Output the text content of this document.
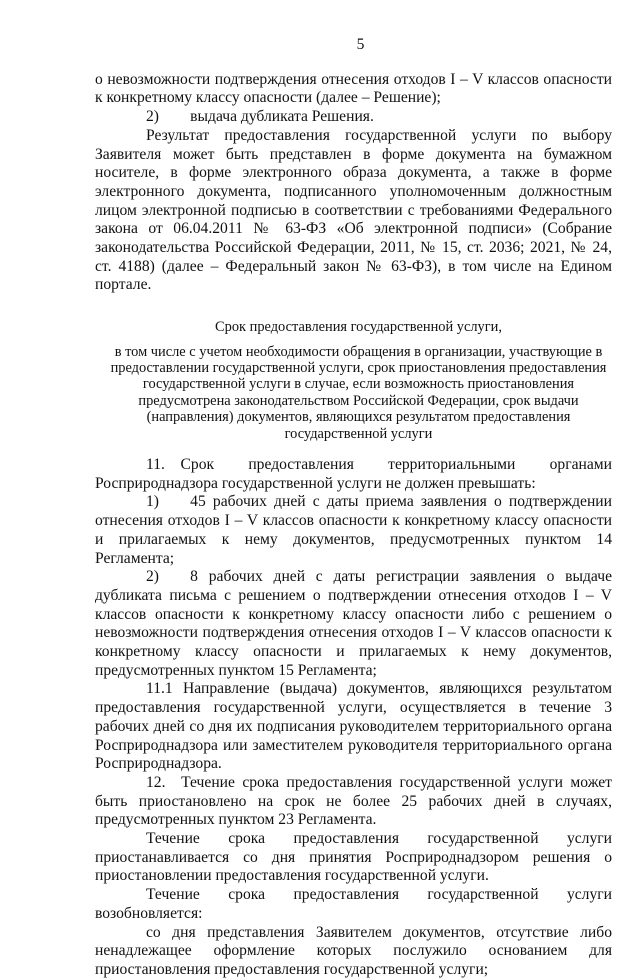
5

о невозможности подтверждения отнесения отходов I – V классов опасности к конкретному классу опасности (далее – Решение);

2)  выдача дубликата Решения.

Результат предоставления государственной услуги по выбору Заявителя может быть представлен в форме документа на бумажном носителе, в форме электронного образа документа, а также в форме электронного документа, подписанного уполномоченным должностным лицом электронной подписью в соответствии с требованиями Федерального закона от 06.04.2011 № 63-ФЗ «Об электронной подписи» (Собрание законодательства Российской Федерации, 2011, № 15, ст. 2036; 2021, № 24, ст. 4188) (далее – Федеральный закон № 63-ФЗ), в том числе на Едином портале.

Срок предоставления государственной услуги,

в том числе с учетом необходимости обращения в организации, участвующие в предоставлении государственной услуги, срок приостановления предоставления государственной услуги в случае, если возможность приостановления предусмотрена законодательством Российской Федерации, срок выдачи (направления) документов, являющихся результатом предоставления государственной услуги

11. Срок предоставления территориальными органами Росприроднадзора государственной услуги не должен превышать:

1)  45 рабочих дней с даты приема заявления о подтверждении отнесения отходов I – V классов опасности к конкретному классу опасности и прилагаемых к нему документов, предусмотренных пунктом 14 Регламента;

2)  8 рабочих дней с даты регистрации заявления о выдаче дубликата письма с решением о подтверждении отнесения отходов I – V классов опасности к конкретному классу опасности либо с решением о невозможности подтверждения отнесения отходов I – V классов опасности к конкретному классу опасности и прилагаемых к нему документов, предусмотренных пунктом 15 Регламента;

11.1 Направление (выдача) документов, являющихся результатом предоставления государственной услуги, осуществляется в течение 3 рабочих дней со дня их подписания руководителем территориального органа Росприроднадзора или заместителем руководителя территориального органа Росприроднадзора.

12. Течение срока предоставления государственной услуги может быть приостановлено на срок не более 25 рабочих дней в случаях, предусмотренных пунктом 23 Регламента.

Течение срока предоставления государственной услуги приостанавливается со дня принятия Росприроднадзором решения о приостановлении предоставления государственной услуги.

Течение срока предоставления государственной услуги возобновляется:

со дня представления Заявителем документов, отсутствие либо ненадлежащее оформление которых послужило основанием для приостановления предоставления государственной услуги;
